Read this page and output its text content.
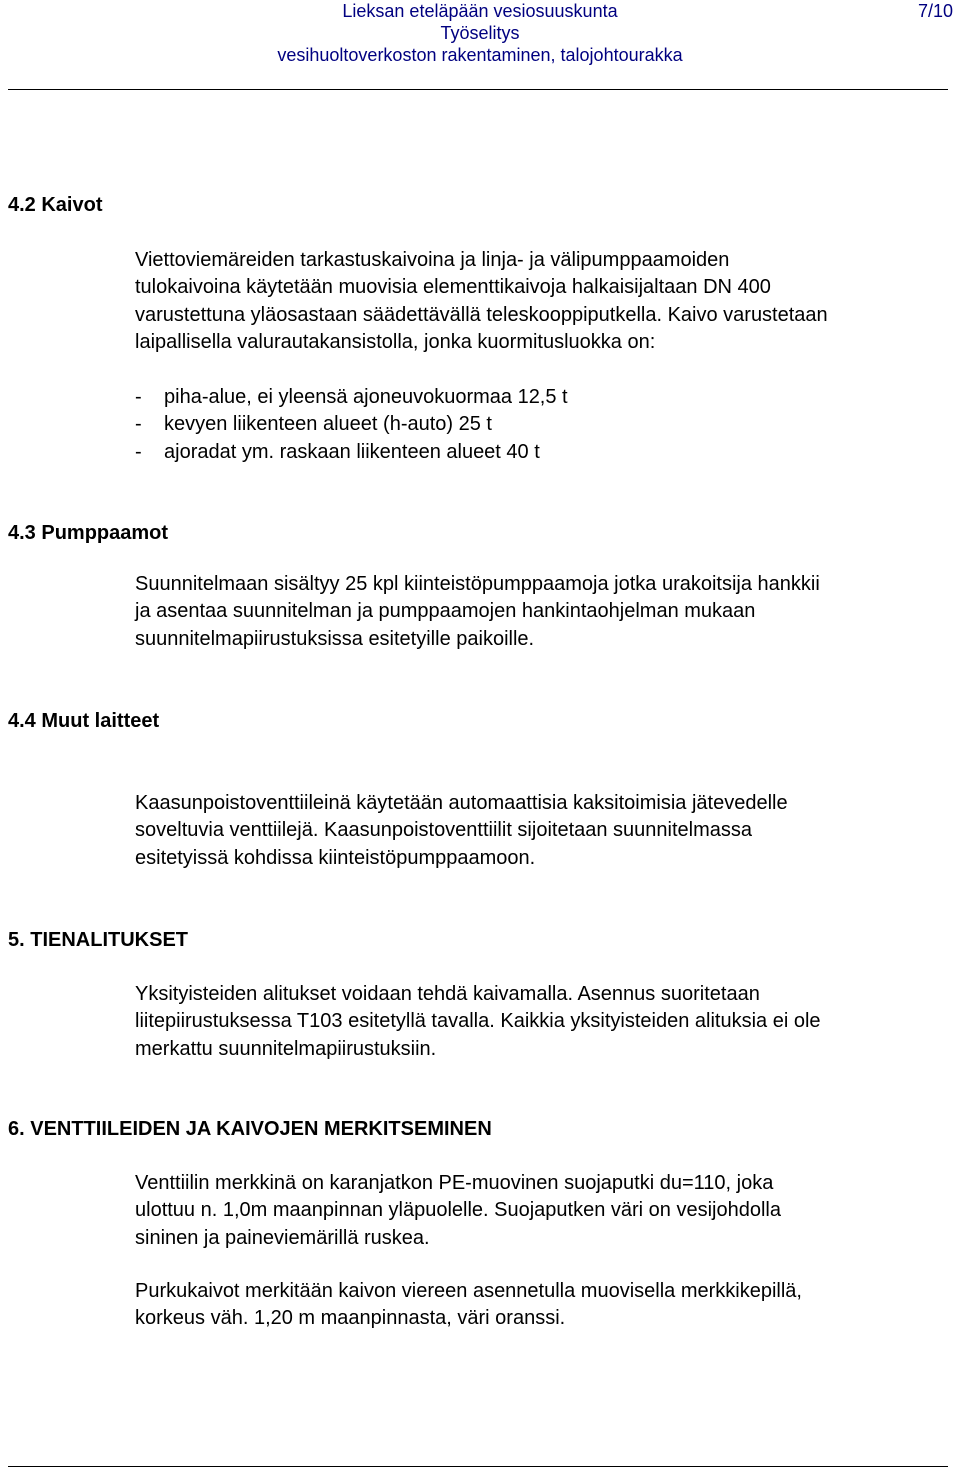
Lieksan eteläpään vesiosuuskunta
Työselitys
vesihuoltoverkoston rakentaminen, talojohtourakka
7/10
4.2 Kaivot

Viettoviemäreiden tarkastuskaivoina ja linja- ja välipumppaamoiden
tulokaivoina käytetään muovisia elementtikaivoja halkaisijaltaan DN 400
varustettuna yläosastaan säädettävällä teleskooppiputkella. Kaivo varustetaan
laipallisella valurautakansistolla, jonka kuormitusluokka on:

- piha-alue, ei yleensä ajoneuvokuormaa 12,5 t
- kevyen liikenteen alueet (h-auto) 25 t
- ajoradat ym. raskaan liikenteen alueet 40 t
4.3 Pumppaamot

Suunnitelmaan sisältyy 25 kpl kiinteistöpumppaamoja jotka urakoitsija hankkii
ja asentaa suunnitelman ja pumppaamojen hankintaohjelman mukaan
suunnitelmapiirustuksissa esitetyille paikoille.

4.4 Muut laitteet

Kaasunpoistoventtiileinä käytetään automaattisia kaksitoimisia jätevedelle
soveltuvia venttiilejä. Kaasunpoistoventtiilit sijoitetaan suunnitelmassa
esitetyissä kohdissa kiinteistöpumppaamoon.

5. TIENALITUKSET

Yksityisteiden alitukset voidaan tehdä kaivamalla. Asennus suoritetaan
liitepiirustuksessa T103 esitetyllä tavalla. Kaikkia yksityisteiden alituksia ei ole
merkattu suunnitelmapiirustuksiin.

6. VENTTIILEIDEN JA KAIVOJEN MERKITSEMINEN

Venttiilin merkkinä on karanjatkon PE-muovinen suojaputki du=110, joka
ulottuu n. 1,0m maanpinnan yläpuolelle. Suojaputken väri on vesijohdolla
sininen ja paineviemärillä ruskea.

Purkukaivot merkitään kaivon viereen asennetulla muovisella merkkikepillä,
korkeus väh. 1,20 m maanpinnasta, väri oranssi.
